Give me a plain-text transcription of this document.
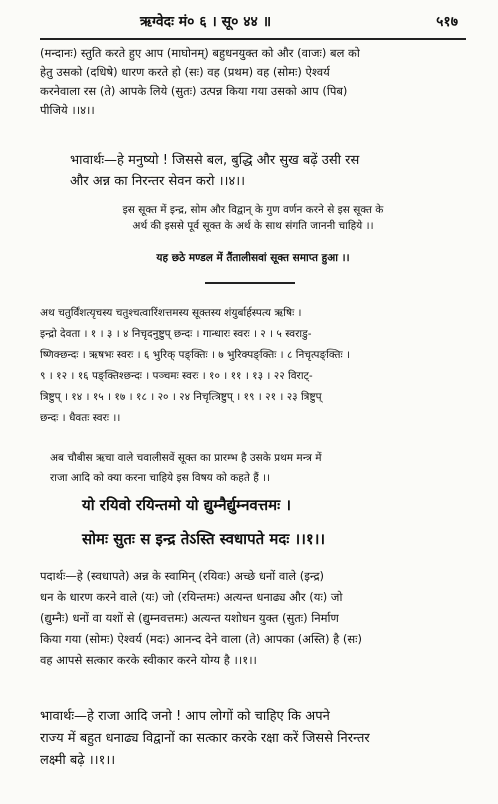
ऋग्वेदः मं० ६ । सू० ४४ ॥	५१७
(मन्दानः) स्तुति करते हुए आप (माघोनम्) बहुधनयुक्त को और (वाजः) बल को
हेतु उसको (दधिषे) धारण करते हो (सः) वह (प्रथम) वह (सोमः) ऐश्वर्य
करनेवाला रस (ते) आपके लिये (सुतः) उत्पन्न किया गया उसको आप (पिब)
पीजिये ।।४।।
भावार्थः—हे मनुष्यो ! जिससे बल, बुद्धि और सुख बढ़ें उसी रस
और अन्न का निरन्तर सेवन करो ।।४।।
इस सूक्त में इन्द्र, सोम और विद्वान् के गुण वर्णन करने से इस सूक्त के
अर्थ की इससे पूर्व सूक्त के अर्थ के साथ संगति जाननी चाहिये ।।
यह छठे मण्डल में तैंतालीसवां सूक्त समाप्त हुआ ।।
अथ चतुर्विंशत्यृचस्य चतुश्चत्वारिंशत्तमस्य सूक्तस्य शंयुर्बार्हस्पत्य ऋषिः ।
इन्द्रो देवता । १ । ३ । ४ निचृदनुष्टुप् छन्दः । गान्धारः स्वरः । २ । ५ स्वराडु-
ष्णिक्छन्दः । ऋषभः स्वरः । ६ भुरिक् पङ्क्तिः । ७ भुरिक्पङ्क्तिः । ८ निचृत्पङ्क्तिः ।
९ । १२ । १६ पङ्क्तिश्छन्दः । पञ्चमः स्वरः । १० । ११ । १३ । २२ विराट्-
त्रिष्टुप् । १४ । १५ । १७ । १८ । २० । २४ निचृत्त्रिष्टुप् । १९ । २१ । २३ त्रिष्टुप्
छन्दः । धैवतः स्वरः ।।
अब चौबीस ऋचा वाले चवालीसवें सूक्त का प्रारम्भ है उसके प्रथम मन्त्र में
राजा आदि को क्या करना चाहिये इस विषय को कहते हैं ।।
यो रयिवो रयिन्तमो यो द्युम्नैर्द्युम्नवत्तमः ।
सोमः सुतः स इन्द्र तेऽस्ति स्वधापते मदः ।।१।।
पदार्थः—हे (स्वधापते) अन्न के स्वामिन् (रयिवः) अच्छे धनों वाले (इन्द्र)
धन के धारण करने वाले (यः) जो (रयिन्तमः) अत्यन्त धनाढ्य और (यः) जो
(द्युम्नैः) धनों वा यशों से (द्युम्नवत्तमः) अत्यन्त यशोधन युक्त (सुतः) निर्माण
किया गया (सोमः) ऐश्वर्य (मदः) आनन्द देने वाला (ते) आपका (अस्ति) है (सः)
वह आपसे सत्कार करके स्वीकार करने योग्य है ।।१।।
भावार्थः—हे राजा आदि जनो ! आप लोगों को चाहिए कि अपने
राज्य में बहुत धनाढ्य विद्वानों का सत्कार करके रक्षा करें जिससे निरन्तर
लक्ष्मी बढ़े ।।१।।
